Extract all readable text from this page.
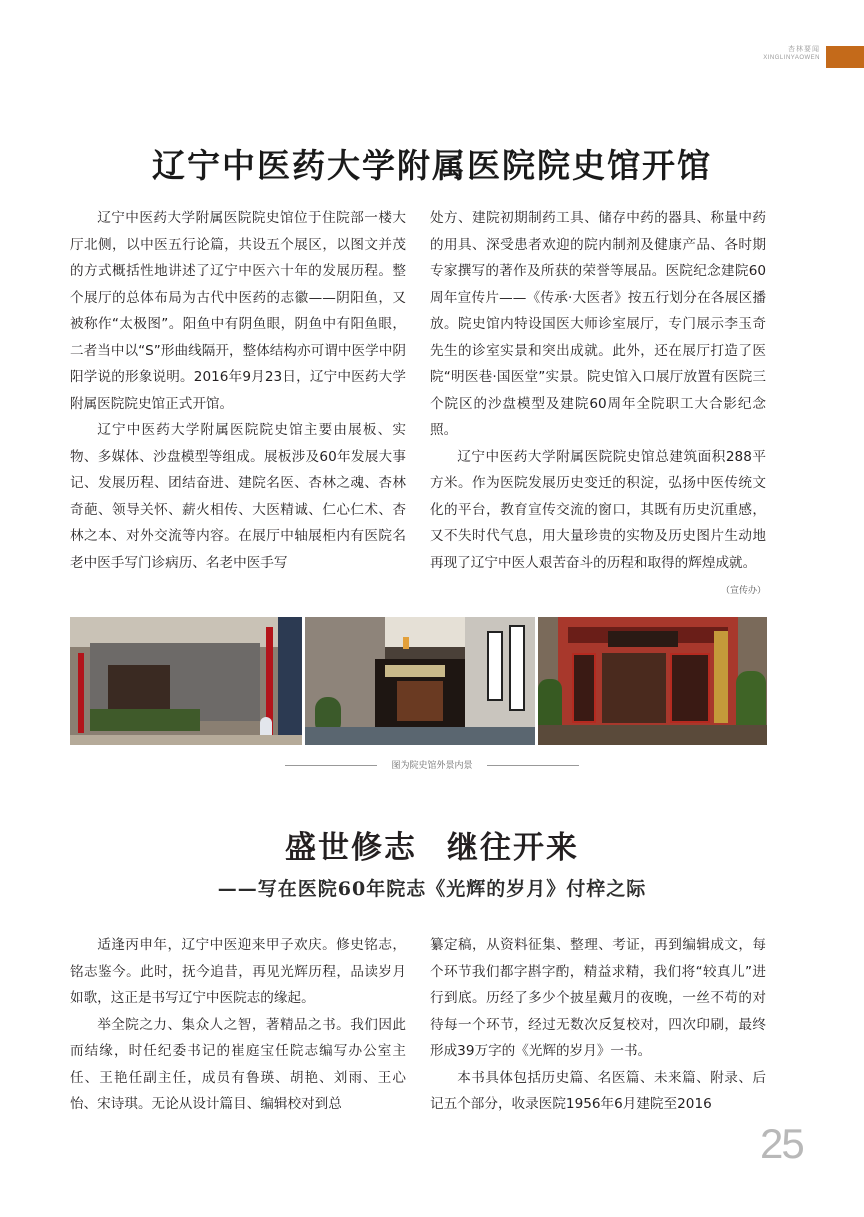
杏林要闻
XINGLINYAOWEN
辽宁中医药大学附属医院院史馆开馆

辽宁中医药大学附属医院院史馆位于住院部一楼大厅北侧，以中医五行论篇，共设五个展区，以图文并茂的方式概括性地讲述了辽宁中医六十年的发展历程。整个展厅的总体布局为古代中医药的志徽——阴阳鱼，又被称作“太极图”。阳鱼中有阴鱼眼，阴鱼中有阳鱼眼，二者当中以“S”形曲线隔开，整体结构亦可谓中医学中阴阳学说的形象说明。2016年9月23日，辽宁中医药大学附属医院院史馆正式开馆。

辽宁中医药大学附属医院院史馆主要由展板、实物、多媒体、沙盘模型等组成。展板涉及60年发展大事记、发展历程、团结奋进、建院名医、杏林之魂、杏林奇葩、领导关怀、薪火相传、大医精诚、仁心仁术、杏林之本、对外交流等内容。在展厅中轴展柜内有医院名老中医手写门诊病历、名老中医手写

处方、建院初期制药工具、储存中药的器具、称量中药的用具、深受患者欢迎的院内制剂及健康产品、各时期专家撰写的著作及所获的荣誉等展品。医院纪念建院60周年宣传片——《传承·大医者》按五行划分在各展区播放。院史馆内特设国医大师诊室展厅，专门展示李玉奇先生的诊室实景和突出成就。此外，还在展厅打造了医院“明医巷·国医堂”实景。院史馆入口展厅放置有医院三个院区的沙盘模型及建院60周年全院职工大合影纪念照。

辽宁中医药大学附属医院院史馆总建筑面积288平方米。作为医院发展历史变迁的积淀，弘扬中医传统文化的平台，教育宣传交流的窗口，其既有历史沉重感，又不失时代气息，用大量珍贵的实物及历史图片生动地再现了辽宁中医人艰苦奋斗的历程和取得的辉煌成就。
（宣传办）

图为院史馆外景内景
盛世修志 继往开来
——写在医院60年院志《光辉的岁月》付梓之际

适逢丙申年，辽宁中医迎来甲子欢庆。修史铭志，铭志鉴今。此时，抚今追昔，再见光辉历程，品读岁月如歌，这正是书写辽宁中医院志的缘起。

举全院之力、集众人之智，著精品之书。我们因此而结缘，时任纪委书记的崔庭宝任院志编写办公室主任、王艳任副主任，成员有鲁瑛、胡艳、刘雨、王心怡、宋诗琪。无论从设计篇目、编辑校对到总

纂定稿，从资料征集、整理、考证，再到编辑成文，每个环节我们都字斟字酌，精益求精，我们将“较真儿”进行到底。历经了多少个披星戴月的夜晚，一丝不苟的对待每一个环节，经过无数次反复校对，四次印刷，最终形成39万字的《光辉的岁月》一书。

本书具体包括历史篇、名医篇、未来篇、附录、后记五个部分，收录医院1956年6月建院至2016

25
